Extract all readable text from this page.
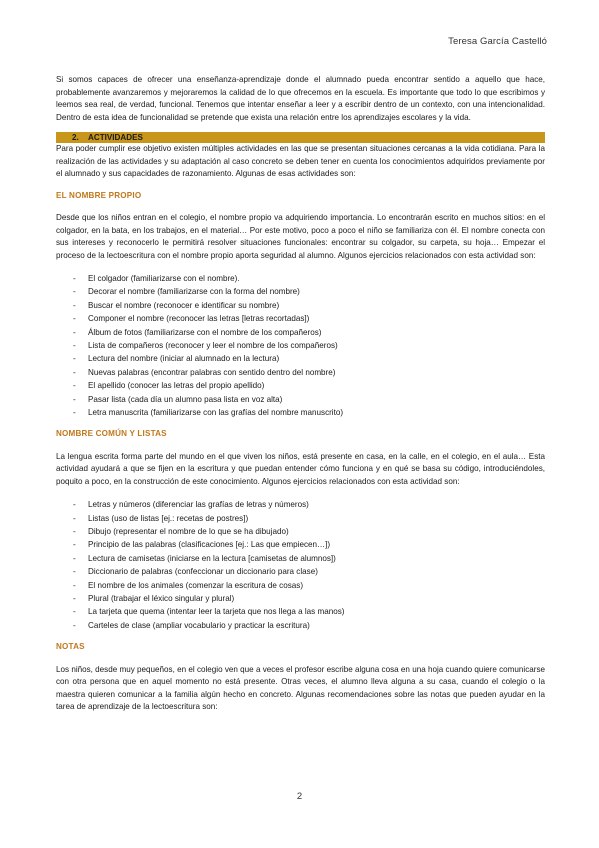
Teresa García Castelló

Si somos capaces de ofrecer una enseñanza-aprendizaje donde el alumnado pueda encontrar sentido a aquello que hace, probablemente avanzaremos y mejoraremos la calidad de lo que ofrecemos en la escuela. Es importante que todo lo que escribimos y leemos sea real, de verdad, funcional. Tenemos que intentar enseñar a leer y a escribir dentro de un contexto, con una intencionalidad. Dentro de esta idea de funcionalidad se pretende que exista una relación entre los aprendizajes escolares y la vida.

2. ACTIVIDADES

Para poder cumplir ese objetivo existen múltiples actividades en las que se presentan situaciones cercanas a la vida cotidiana. Para la realización de las actividades y su adaptación al caso concreto se deben tener en cuenta los conocimientos adquiridos previamente por el alumnado y sus capacidades de razonamiento. Algunas de esas actividades son:

EL NOMBRE PROPIO

Desde que los niños entran en el colegio, el nombre propio va adquiriendo importancia. Lo encontrarán escrito en muchos sitios: en el colgador, en la bata, en los trabajos, en el material… Por este motivo, poco a poco el niño se familiariza con él. El nombre conecta con sus intereses y reconocerlo le permitirá resolver situaciones funcionales: encontrar su colgador, su carpeta, su hoja… Empezar el proceso de la lectoescritura con el nombre propio aporta seguridad al alumno. Algunos ejercicios relacionados con esta actividad son:

- El colgador (familiarizarse con el nombre).
- Decorar el nombre (familiarizarse con la forma del nombre)
- Buscar el nombre (reconocer e identificar su nombre)
- Componer el nombre (reconocer las letras [letras recortadas])
- Álbum de fotos (familiarizarse con el nombre de los compañeros)
- Lista de compañeros (reconocer y leer el nombre de los compañeros)
- Lectura del nombre (iniciar al alumnado en la lectura)
- Nuevas palabras (encontrar palabras con sentido dentro del nombre)
- El apellido (conocer las letras del propio apellido)
- Pasar lista (cada día un alumno pasa lista en voz alta)
- Letra manuscrita (familiarizarse con las grafías del nombre manuscrito)
NOMBRE COMÚN Y LISTAS

La lengua escrita forma parte del mundo en el que viven los niños, está presente en casa, en la calle, en el colegio, en el aula… Esta actividad ayudará a que se fijen en la escritura y que puedan entender cómo funciona y en qué se basa su código, introduciéndoles, poquito a poco, en la construcción de este conocimiento. Algunos ejercicios relacionados con esta actividad son:

- Letras y números (diferenciar las grafías de letras y números)
- Listas (uso de listas [ej.: recetas de postres])
- Dibujo (representar el nombre de lo que se ha dibujado)
- Principio de las palabras (clasificaciones [ej.: Las que empiecen…])
- Lectura de camisetas (iniciarse en la lectura [camisetas de alumnos])
- Diccionario de palabras (confeccionar un diccionario para clase)
- El nombre de los animales (comenzar la escritura de cosas)
- Plural (trabajar el léxico singular y plural)
- La tarjeta que quema (intentar leer la tarjeta que nos llega a las manos)
- Carteles de clase (ampliar vocabulario y practicar la escritura)
NOTAS

Los niños, desde muy pequeños, en el colegio ven que a veces el profesor escribe alguna cosa en una hoja cuando quiere comunicarse con otra persona que en aquel momento no está presente. Otras veces, el alumno lleva alguna a su casa, cuando el colegio o la maestra quieren comunicar a la familia algún hecho en concreto. Algunas recomendaciones sobre las notas que pueden ayudar en la tarea de aprendizaje de la lectoescritura son:

2
